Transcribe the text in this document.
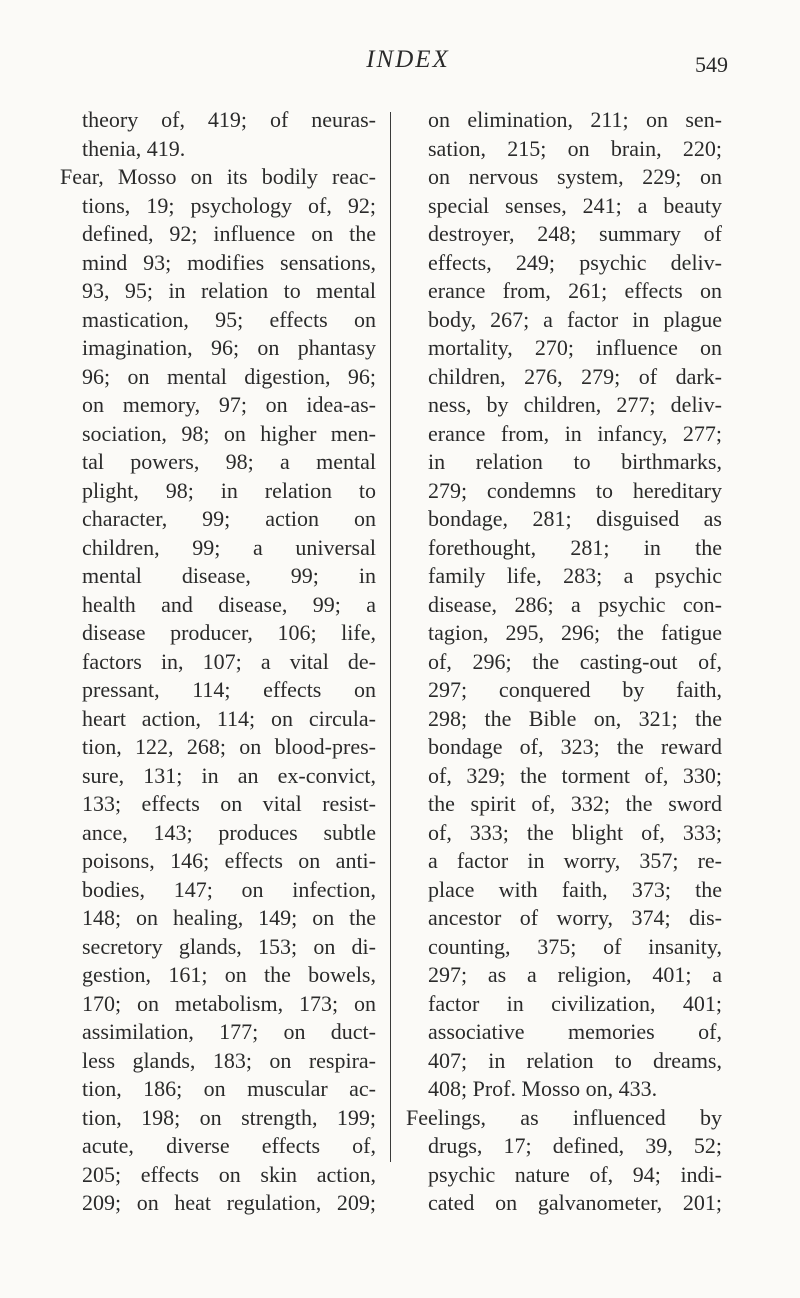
INDEX	549
theory of, 419; of neuras-
thenia, 419.
Fear, Mosso on its bodily reac-
tions, 19; psychology of, 92;
defined, 92; influence on the
mind 93; modifies sensations,
93, 95; in relation to mental
mastication, 95; effects on
imagination, 96; on phantasy
96; on mental digestion, 96;
on memory, 97; on idea-as-
sociation, 98; on higher men-
tal powers, 98; a mental
plight, 98; in relation to
character, 99; action on
children, 99; a universal
mental disease, 99; in
health and disease, 99; a
disease producer, 106; life,
factors in, 107; a vital de-
pressant, 114; effects on
heart action, 114; on circula-
tion, 122, 268; on blood-pres-
sure, 131; in an ex-convict,
133; effects on vital resist-
ance, 143; produces subtle
poisons, 146; effects on anti-
bodies, 147; on infection,
148; on healing, 149; on the
secretory glands, 153; on di-
gestion, 161; on the bowels,
170; on metabolism, 173; on
assimilation, 177; on duct-
less glands, 183; on respira-
tion, 186; on muscular ac-
tion, 198; on strength, 199;
acute, diverse effects of,
205; effects on skin action,
209; on heat regulation, 209;
on elimination, 211; on sen-
sation, 215; on brain, 220;
on nervous system, 229; on
special senses, 241; a beauty
destroyer, 248; summary of
effects, 249; psychic deliv-
erance from, 261; effects on
body, 267; a factor in plague
mortality, 270; influence on
children, 276, 279; of dark-
ness, by children, 277; deliv-
erance from, in infancy, 277;
in relation to birthmarks,
279; condemns to hereditary
bondage, 281; disguised as
forethought, 281; in the
family life, 283; a psychic
disease, 286; a psychic con-
tagion, 295, 296; the fatigue
of, 296; the casting-out of,
297; conquered by faith,
298; the Bible on, 321; the
bondage of, 323; the reward
of, 329; the torment of, 330;
the spirit of, 332; the sword
of, 333; the blight of, 333;
a factor in worry, 357; re-
place with faith, 373; the
ancestor of worry, 374; dis-
counting, 375; of insanity,
297; as a religion, 401; a
factor in civilization, 401;
associative memories of,
407; in relation to dreams,
408; Prof. Mosso on, 433.
Feelings, as influenced by
drugs, 17; defined, 39, 52;
psychic nature of, 94; indi-
cated on galvanometer, 201;
